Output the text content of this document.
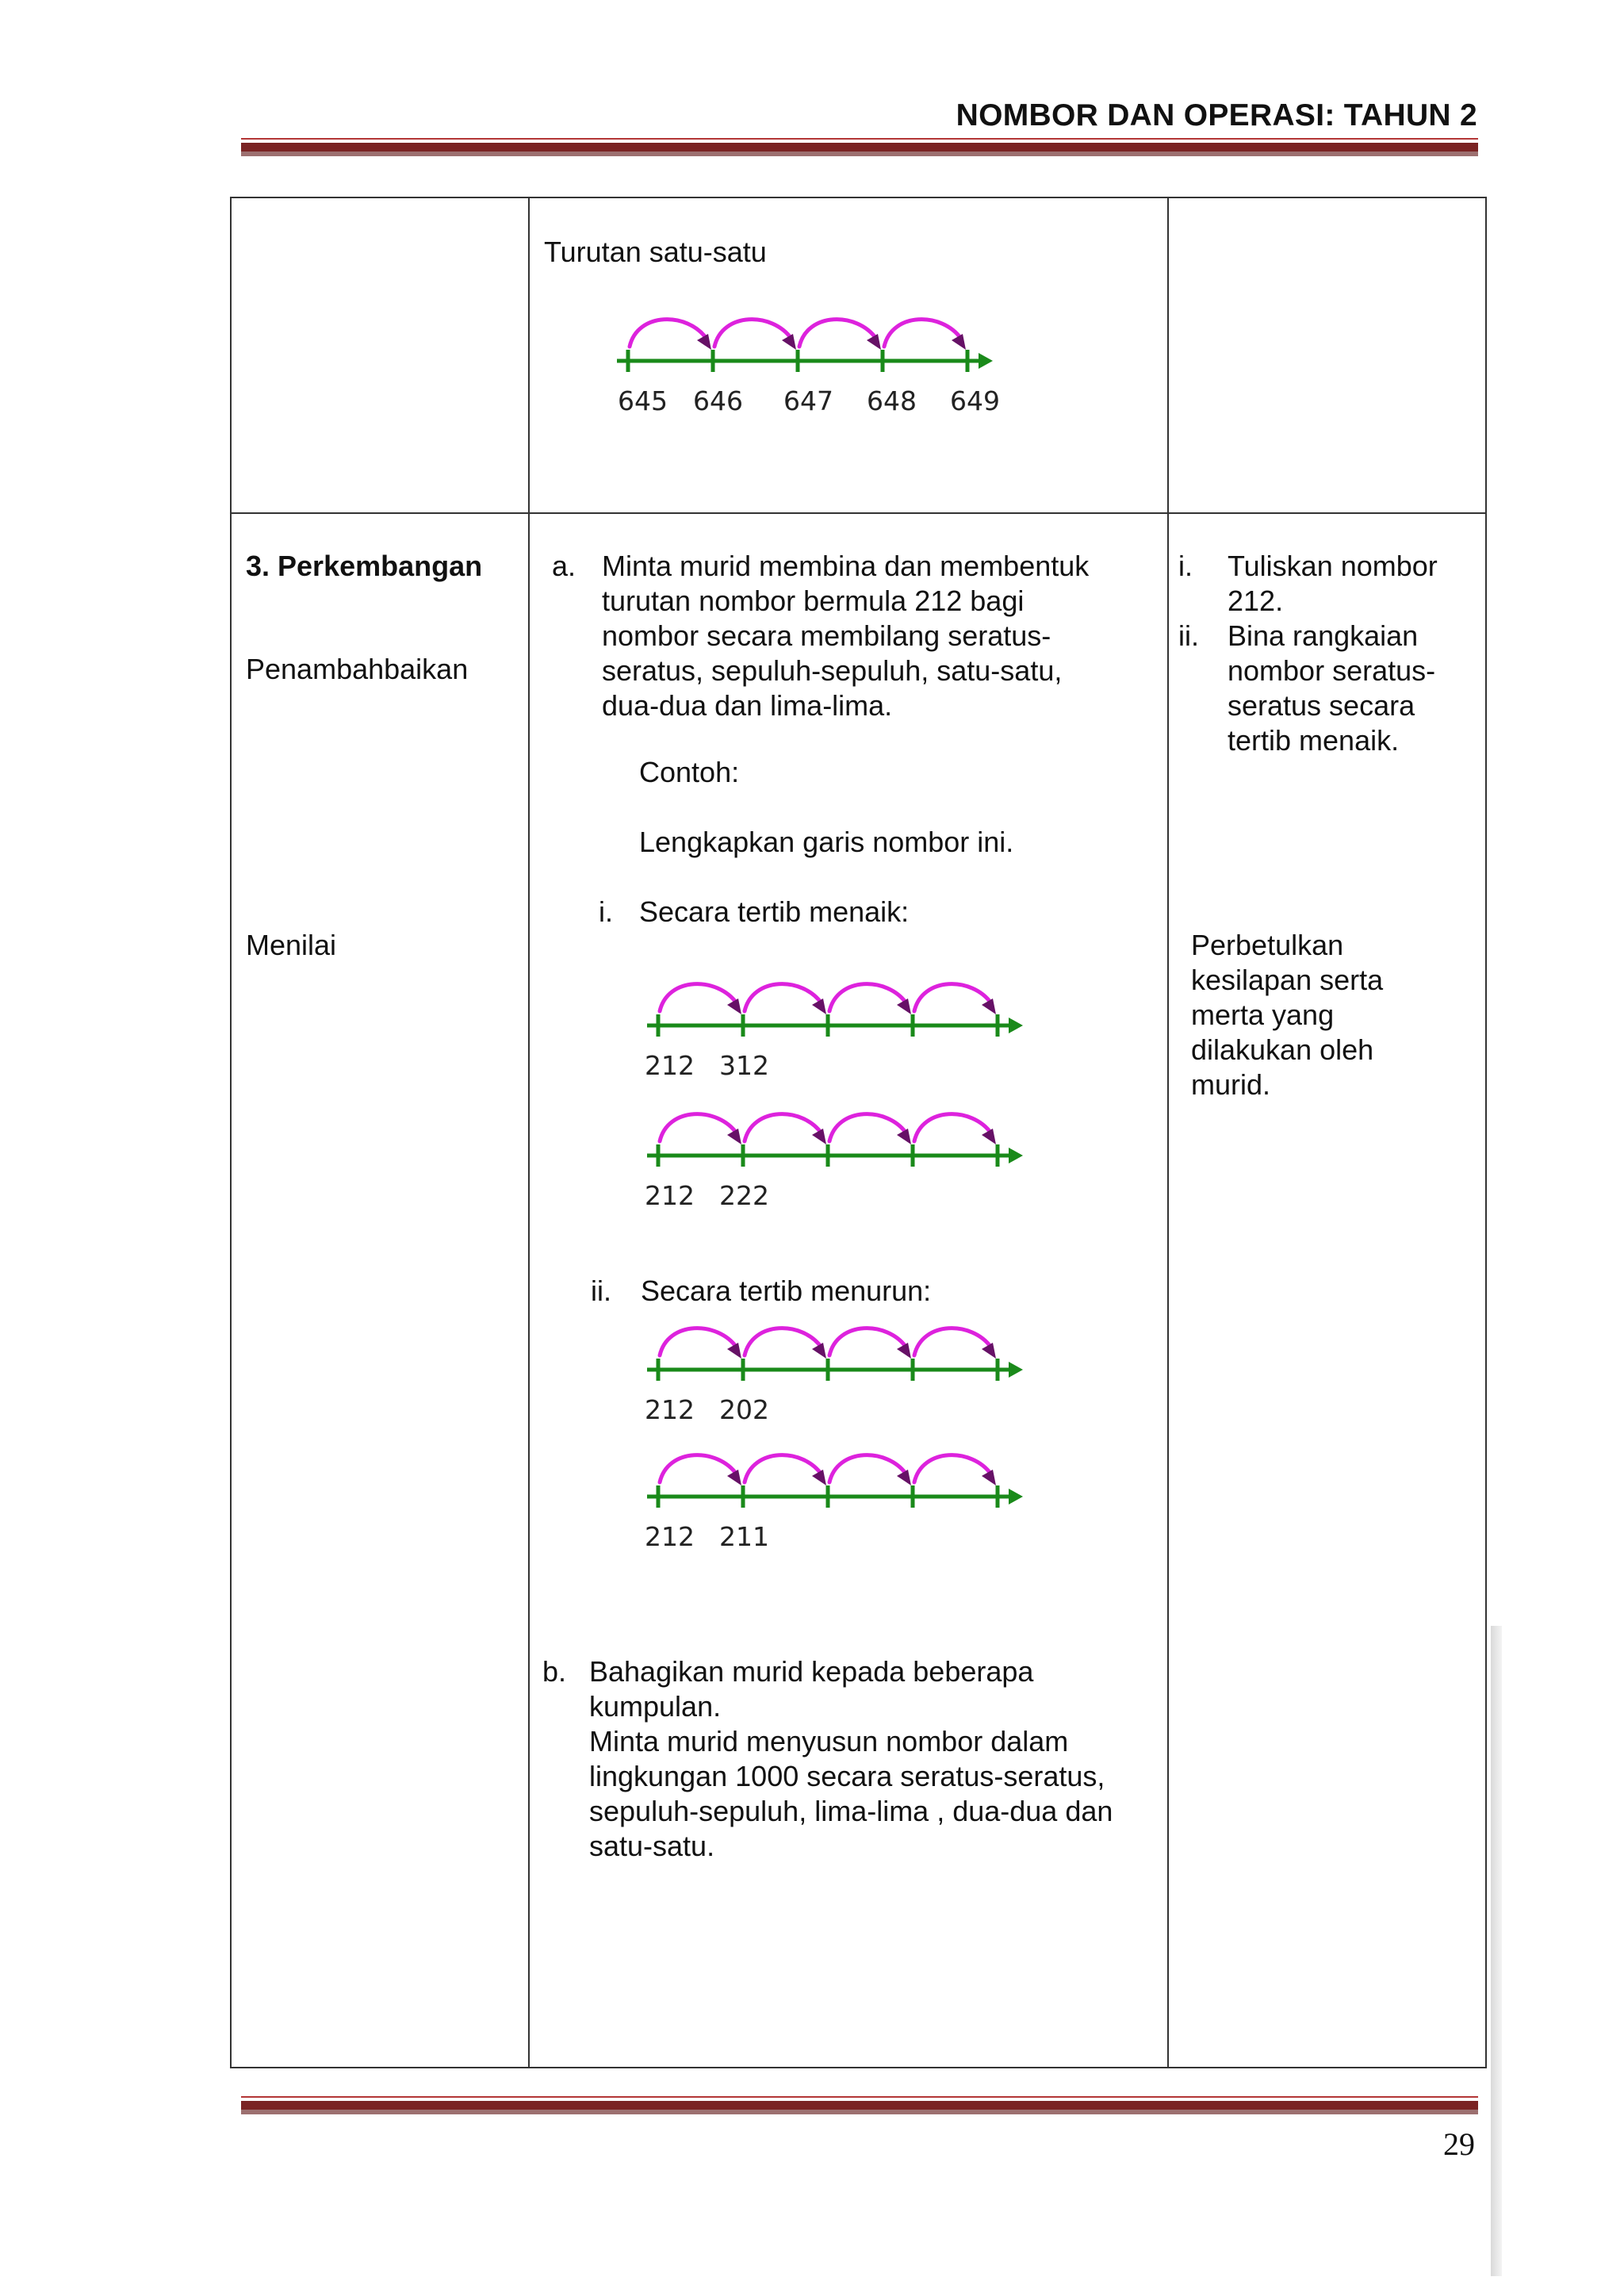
NOMBOR DAN OPERASI: TAHUN 2
Turutan satu-satu
645 646 647 648 649
3. Perkembangan
Penambahbaikan
Menilai
a. Minta murid membina dan membentuk
turutan nombor bermula 212 bagi
nombor secara membilang seratus-
seratus, sepuluh-sepuluh, satu-satu,
dua-dua dan lima-lima.
Contoh:
Lengkapkan garis nombor ini.
i. Secara tertib menaik:
212 312
212 222
ii. Secara tertib menurun:
212 202
212 211
b. Bahagikan murid kepada beberapa
kumpulan.
Minta murid menyusun nombor dalam
lingkungan 1000 secara seratus-seratus,
sepuluh-sepuluh, lima-lima , dua-dua dan
satu-satu.
i. Tuliskan nombor
212.
ii. Bina rangkaian
nombor seratus-
seratus secara
tertib menaik.
Perbetulkan
kesilapan serta
merta yang
dilakukan oleh
murid.
29
